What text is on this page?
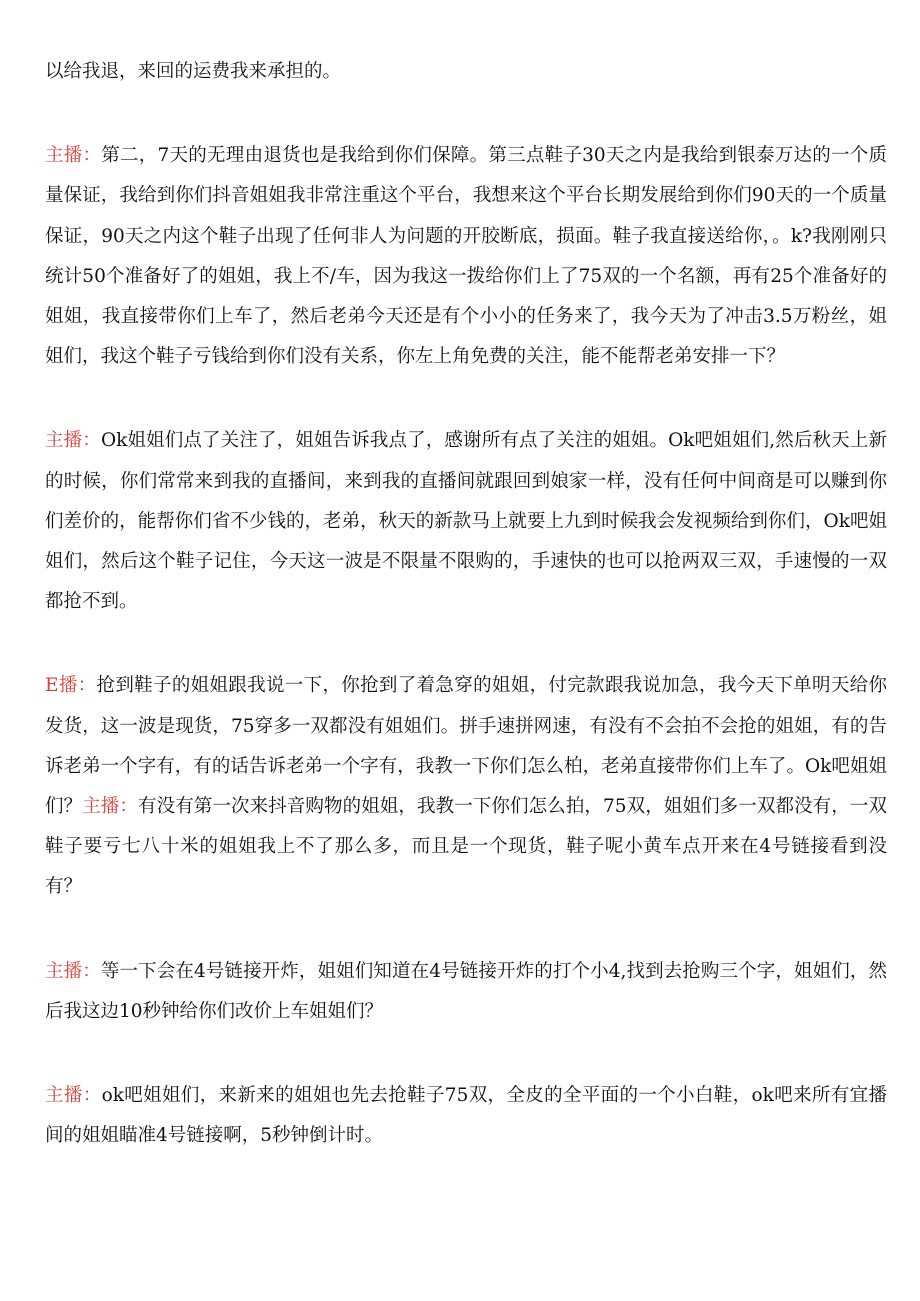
以给我退，来回的运费我来承担的。

主播：第二，7天的无理由退货也是我给到你们保障。第三点鞋子30天之内是我给到银泰万达的一个质量保证，我给到你们抖音姐姐我非常注重这个平台，我想来这个平台长期发展给到你们90天的一个质量保证，90天之内这个鞋子出现了任何非人为问题的开胶断底，损面。鞋子我直接送给你，。k?我刚刚只统计50个准备好了的姐姐，我上不/车，因为我这一拨给你们上了75双的一个名额，再有25个准备好的姐姐，我直接带你们上车了，然后老弟今天还是有个小小的任务来了，我今天为了冲击3.5万粉丝，姐姐们，我这个鞋子亏钱给到你们没有关系，你左上角免费的关注，能不能帮老弟安排一下？

主播：Ok姐姐们点了关注了，姐姐告诉我点了，感谢所有点了关注的姐姐。Ok吧姐姐们,然后秋天上新的时候，你们常常来到我的直播间，来到我的直播间就跟回到娘家一样，没有任何中间商是可以赚到你们差价的，能帮你们省不少钱的，老弟，秋天的新款马上就要上九到时候我会发视频给到你们，Ok吧姐姐们，然后这个鞋子记住，今天这一波是不限量不限购的，手速快的也可以抢两双三双，手速慢的一双都抢不到。

E播：抢到鞋子的姐姐跟我说一下，你抢到了着急穿的姐姐，付完款跟我说加急，我今天下单明天给你发货，这一波是现货，75穿多一双都没有姐姐们。拼手速拼网速，有没有不会拍不会抢的姐姐，有的告诉老弟一个字有，有的话告诉老弟一个字有，我教一下你们怎么柏，老弟直接带你们上车了。Ok吧姐姐们？主播：有没有第一次来抖音购物的姐姐，我教一下你们怎么拍，75双，姐姐们多一双都没有，一双鞋子要亏七八十米的姐姐我上不了那么多，而且是一个现货，鞋子呢小黄车点开来在4号链接看到没有？

主播：等一下会在4号链接开炸，姐姐们知道在4号链接开炸的打个小4,找到去抢购三个字，姐姐们，然后我这边10秒钟给你们改价上车姐姐们？

主播：ok吧姐姐们，来新来的姐姐也先去抢鞋子75双，全皮的全平面的一个小白鞋，ok吧来所有宜播间的姐姐瞄准4号链接啊，5秒钟倒计时。
